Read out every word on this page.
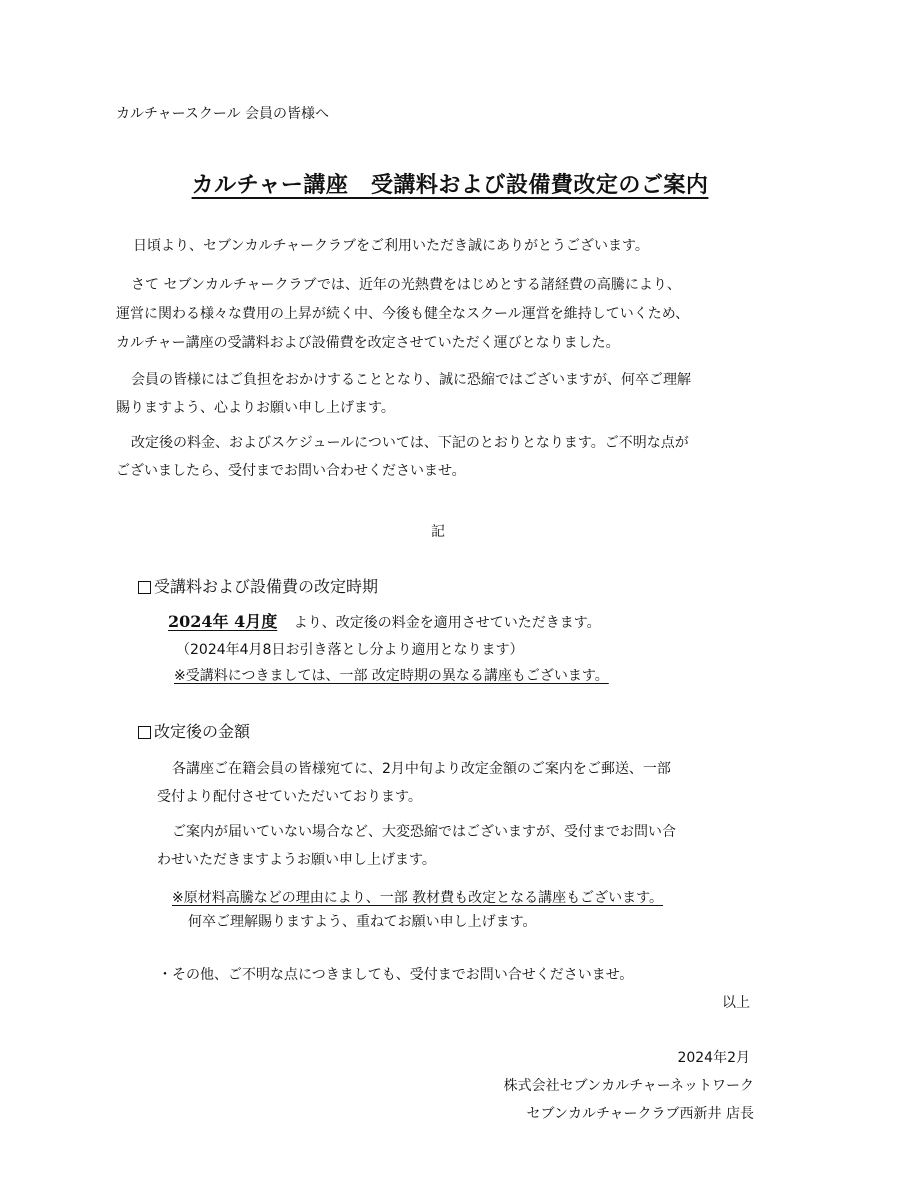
カルチャースクール 会員の皆様へ
カルチャー講座　受講料および設備費改定のご案内
日頃より、セブンカルチャークラブをご利用いただき誠にありがとうございます。
さて セブンカルチャークラブでは、近年の光熱費をはじめとする諸経費の高騰により、
運営に関わる様々な費用の上昇が続く中、今後も健全なスクール運営を維持していくため、
カルチャー講座の受講料および設備費を改定させていただく運びとなりました。
会員の皆様にはご負担をおかけすることとなり、誠に恐縮ではございますが、何卒ご理解
賜りますよう、心よりお願い申し上げます。
改定後の料金、およびスケジュールについては、下記のとおりとなります。ご不明な点が
ございましたら、受付までお問い合わせくださいませ。
記
受講料および設備費の改定時期
2024年 4月度 より、改定後の料金を適用させていただきます。
（2024年4月8日お引き落とし分より適用となります）
※受講料につきましては、一部 改定時期の異なる講座もございます。
改定後の金額
各講座ご在籍会員の皆様宛てに、2月中旬より改定金額のご案内をご郵送、一部
受付より配付させていただいております。
ご案内が届いていない場合など、大変恐縮ではございますが、受付までお問い合
わせいただきますようお願い申し上げます。
※原材料高騰などの理由により、一部 教材費も改定となる講座もございます。
何卒ご理解賜りますよう、重ねてお願い申し上げます。
・その他、ご不明な点につきましても、受付までお問い合せくださいませ。
以上
2024年2月
株式会社セブンカルチャーネットワーク
セブンカルチャークラブ西新井 店長
